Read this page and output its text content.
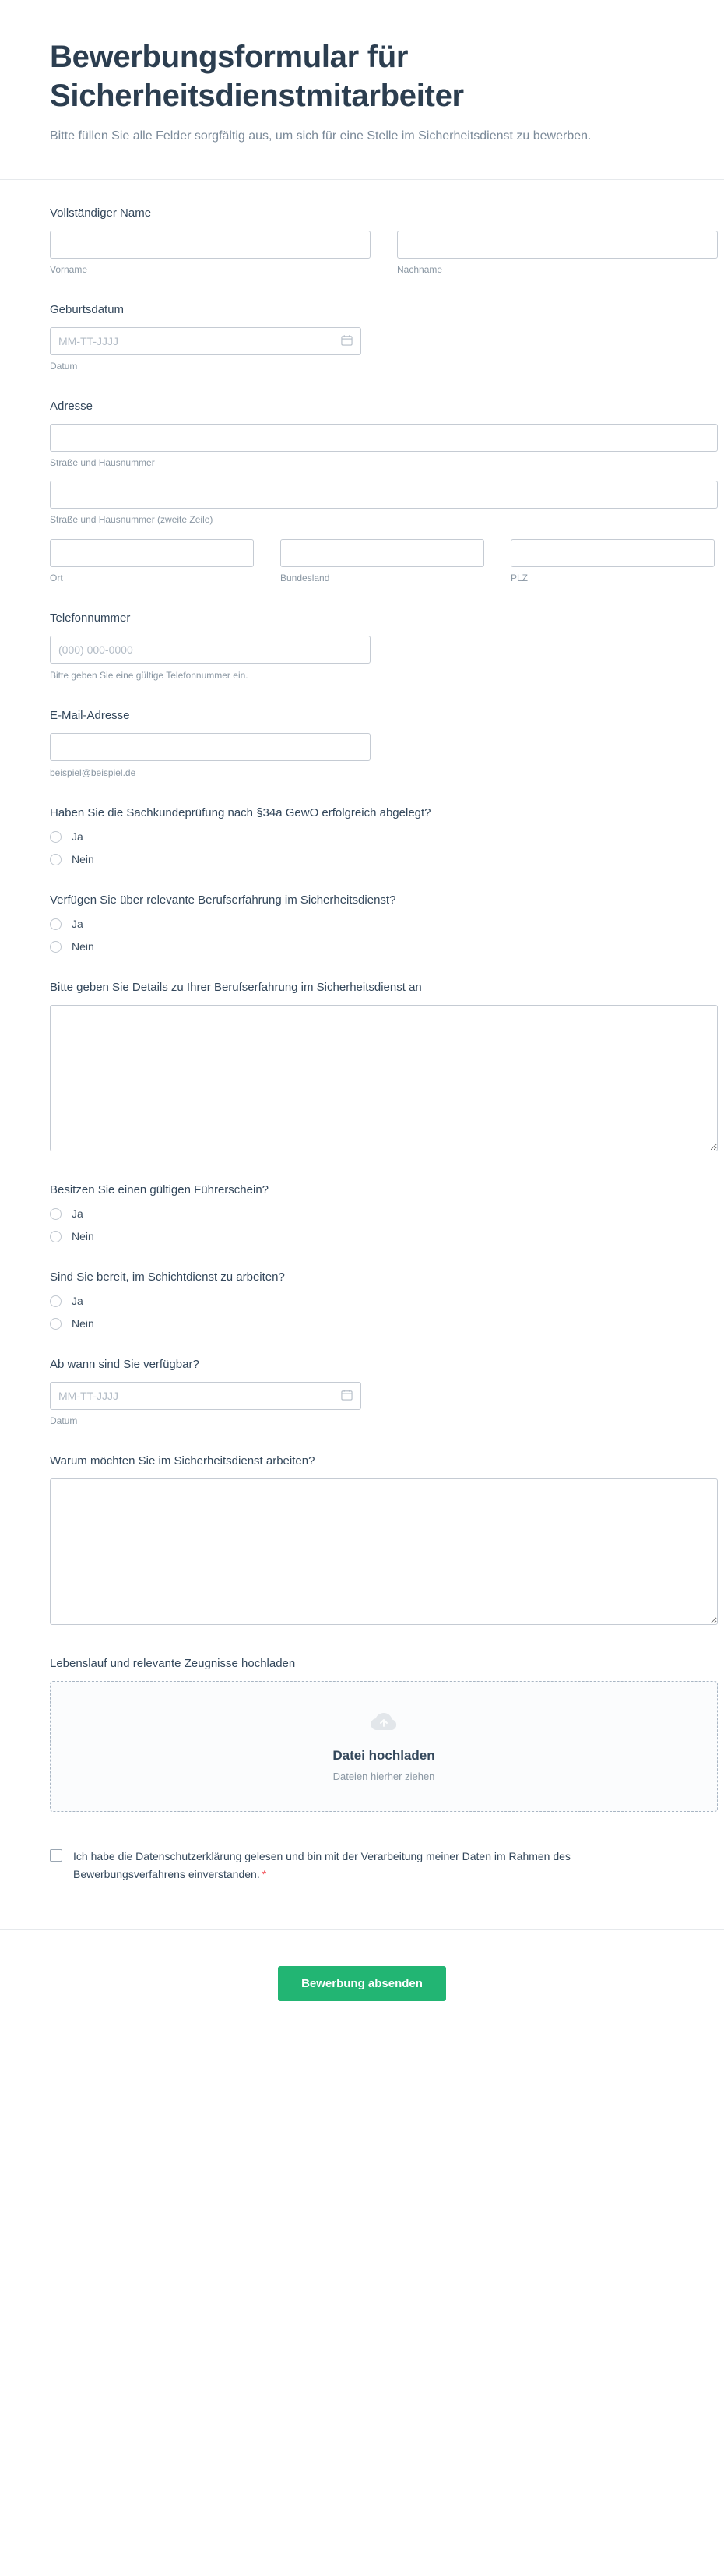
Bewerbungsformular für Sicherheitsdienstmitarbeiter

Bitte füllen Sie alle Felder sorgfältig aus, um sich für eine Stelle im Sicherheitsdienst zu bewerben.

Vollständiger Name
Vorname	Nachname
Geburtsdatum
MM-TT-JJJJ
Datum
Adresse
Straße und Hausnummer
Straße und Hausnummer (zweite Zeile)
Ort	Bundesland	PLZ
Telefonnummer
(000) 000-0000
Bitte geben Sie eine gültige Telefonnummer ein.
E-Mail-Adresse
beispiel@beispiel.de
Haben Sie die Sachkundeprüfung nach §34a GewO erfolgreich abgelegt?
Ja
Nein
Verfügen Sie über relevante Berufserfahrung im Sicherheitsdienst?
Ja
Nein
Bitte geben Sie Details zu Ihrer Berufserfahrung im Sicherheitsdienst an
Besitzen Sie einen gültigen Führerschein?
Ja
Nein
Sind Sie bereit, im Schichtdienst zu arbeiten?
Ja
Nein
Ab wann sind Sie verfügbar?
MM-TT-JJJJ
Datum
Warum möchten Sie im Sicherheitsdienst arbeiten?
Lebenslauf und relevante Zeugnisse hochladen
Datei hochladen
Dateien hierher ziehen
Ich habe die Datenschutzerklärung gelesen und bin mit der Verarbeitung meiner Daten im Rahmen des Bewerbungsverfahrens einverstanden. *
Bewerbung absenden
